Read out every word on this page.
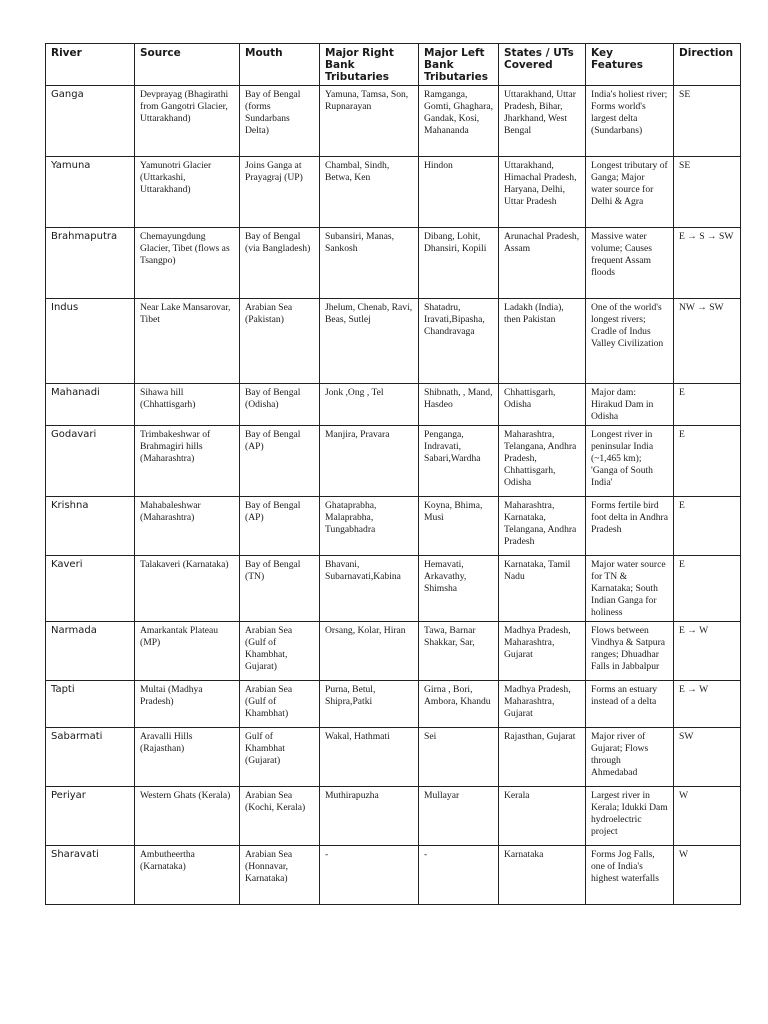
River	Source	Mouth	Major Right Bank Tributaries	Major Left Bank Tributaries	States / UTs Covered	Key Features	Direction
Ganga	Devprayag (Bhagirathi from Gangotri Glacier, Uttarakhand)	Bay of Bengal (forms Sundarbans Delta)	Yamuna, Tamsa, Son, Rupnarayan	Ramganga, Gomti, Ghaghara, Gandak, Kosi, Mahananda	Uttarakhand, Uttar Pradesh, Bihar, Jharkhand, West Bengal	India's holiest river; Forms world's largest delta (Sundarbans)	SE
Yamuna	Yamunotri Glacier (Uttarkashi, Uttarakhand)	Joins Ganga at Prayagraj (UP)	Chambal, Sindh, Betwa, Ken	Hindon	Uttarakhand, Himachal Pradesh, Haryana, Delhi, Uttar Pradesh	Longest tributary of Ganga; Major water source for Delhi & Agra	SE
Brahmaputra	Chemayungdung Glacier, Tibet (flows as Tsangpo)	Bay of Bengal (via Bangladesh)	Subansiri, Manas, Sankosh	Dibang, Lohit, Dhansiri, Kopili	Arunachal Pradesh, Assam	Massive water volume; Causes frequent Assam floods	E → S → SW
Indus	Near Lake Mansarovar, Tibet	Arabian Sea (Pakistan)	Jhelum, Chenab, Ravi, Beas, Sutlej	Shatadru, Iravati,Bipasha, Chandravaga	Ladakh (India), then Pakistan	One of the world's longest rivers; Cradle of Indus Valley Civilization	NW → SW
Mahanadi	Sihawa hill (Chhattisgarh)	Bay of Bengal (Odisha)	Jonk ,Ong , Tel	Shibnath, , Mand, Hasdeo	Chhattisgarh, Odisha	Major dam: Hirakud Dam in Odisha	E
Godavari	Trimbakeshwar of Brahmagiri hills (Maharashtra)	Bay of Bengal (AP)	Manjira, Pravara	Penganga, Indravati, Sabari,Wardha	Maharashtra, Telangana, Andhra Pradesh, Chhattisgarh, Odisha	Longest river in peninsular India (~1,465 km); 'Ganga of South India'	E
Krishna	Mahabaleshwar (Maharashtra)	Bay of Bengal (AP)	Ghataprabha, Malaprabha, Tungabhadra	Koyna, Bhima, Musi	Maharashtra, Karnataka, Telangana, Andhra Pradesh	Forms fertile bird foot delta in Andhra Pradesh	E
Kaveri	Talakaveri (Karnataka)	Bay of Bengal (TN)	Bhavani, Subarnavati,Kabina	Hemavati, Arkavathy, Shimsha	Karnataka, Tamil Nadu	Major water source for TN & Karnataka; South Indian Ganga for holiness	E
Narmada	Amarkantak Plateau (MP)	Arabian Sea (Gulf of Khambhat, Gujarat)	Orsang, Kolar, Hiran	Tawa, Barnar Shakkar, Sar,	Madhya Pradesh, Maharashtra, Gujarat	Flows between Vindhya & Satpura ranges; Dhuadhar Falls in Jabbalpur	E → W
Tapti	Multai (Madhya Pradesh)	Arabian Sea (Gulf of Khambhat)	Purna, Betul, Shipra,Patki	Girna , Bori, Ambora, Khandu	Madhya Pradesh, Maharashtra, Gujarat	Forms an estuary instead of a delta	E → W
Sabarmati	Aravalli Hills (Rajasthan)	Gulf of Khambhat (Gujarat)	Wakal, Hathmati	Sei	Rajasthan, Gujarat	Major river of Gujarat; Flows through Ahmedabad	SW
Periyar	Western Ghats (Kerala)	Arabian Sea (Kochi, Kerala)	Muthirapuzha	Mullayar	Kerala	Largest river in Kerala; Idukki Dam hydroelectric project	W
Sharavati	Ambutheertha (Karnataka)	Arabian Sea (Honnavar, Karnataka)	-	-	Karnataka	Forms Jog Falls, one of India's highest waterfalls	W
